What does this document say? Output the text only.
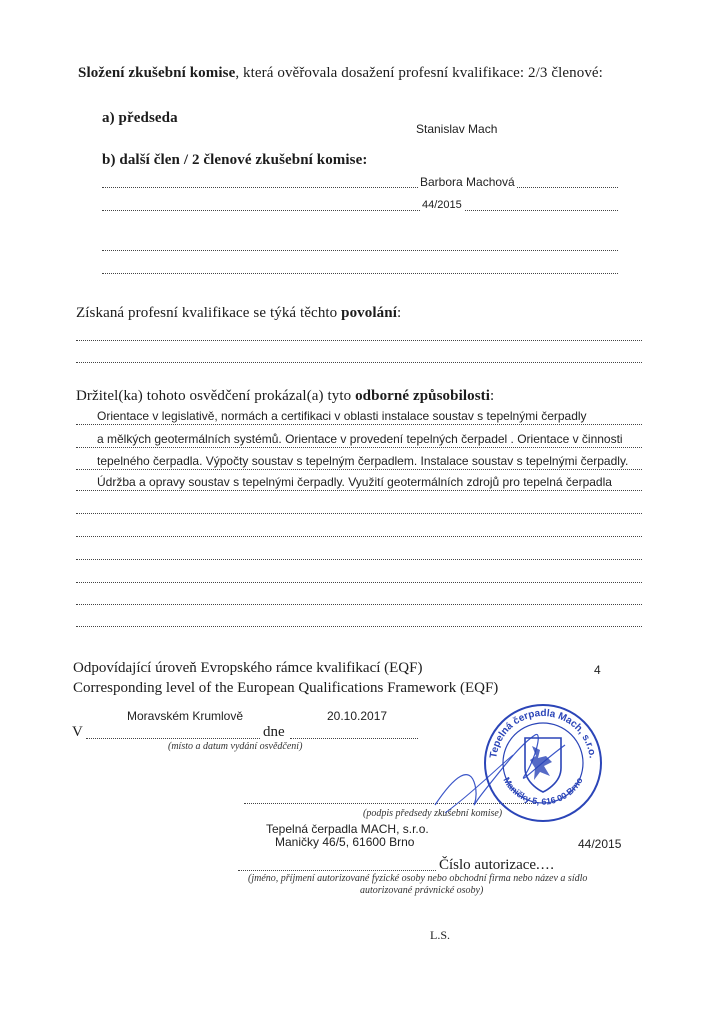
Složení zkušební komise, která ověřovala dosažení profesní kvalifikace: 2/3 členové:
a) předseda
Stanislav Mach
b) další člen / 2 členové zkušební komise:
Barbora Machová
44/2015
Získaná profesní kvalifikace se týká těchto povolání:
Držitel(ka) tohoto osvědčení prokázal(a) tyto odborné způsobilosti:
Orientace v legislativě, normách a certifikaci v oblasti instalace soustav s tepelnými čerpadly
a mělkých geotermálních systémů. Orientace v provedení tepelných čerpadel . Orientace v činnosti
tepelného čerpadla. Výpočty soustav s tepelným čerpadlem. Instalace soustav s tepelnými čerpadly.
Údržba a opravy soustav s tepelnými čerpadly. Využití geotermálních zdrojů pro tepelná čerpadla
Odpovídající úroveň Evropského rámce kvalifikací (EQF)
Corresponding level of the European Qualifications Framework (EQF)
4
Moravském Krumlově	20.10.2017
V	dne
(místo a datum vydání osvědčení)
(podpis předsedy zkušební komise)
Tepelná čerpadla MACH, s.r.o.
Maničky 46/5, 61600 Brno	44/2015
Číslo autorizace....
(jméno, příjmení autorizované fyzické osoby nebo obchodní firma nebo název a sídlo
autorizované právnické osoby)
Tepelná čerpadla Mach, s.r.o.
Maničky 5, 616 00 Brno
L.S.
